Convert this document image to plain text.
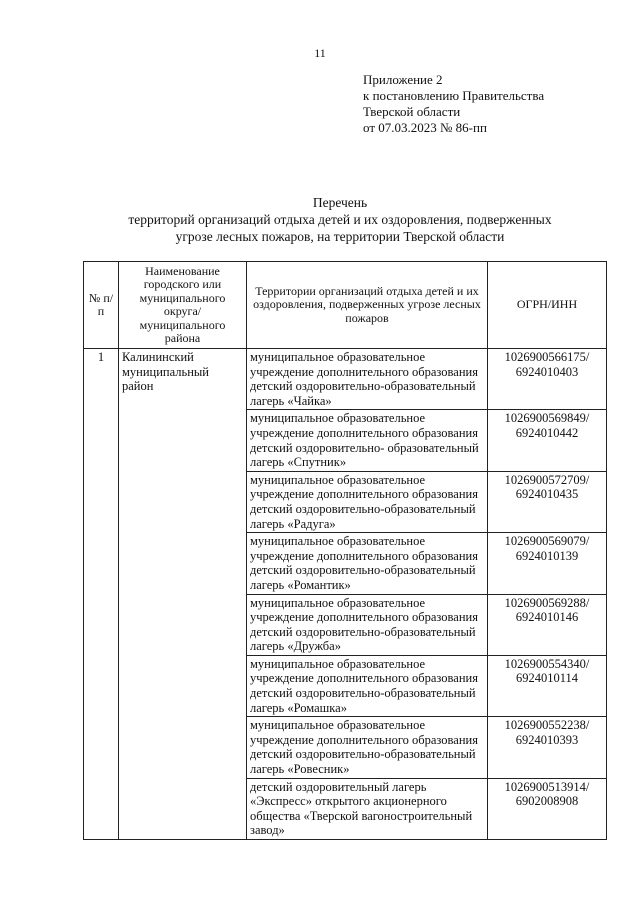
11
Приложение 2
к постановлению Правительства
Тверской области
от 07.03.2023 № 86-пп
Перечень
территорий организаций отдыха детей и их оздоровления, подверженных
угрозе лесных пожаров, на территории Тверской области
№ п/п	Наименование городского или муниципального округа/ муниципального района	Территории организаций отдыха детей и их оздоровления, подверженных угрозе лесных пожаров	ОГРН/ИНН
1	Калининский муниципальный район	муниципальное образовательное учреждение дополнительного образования детский оздоровительно-образовательный лагерь «Чайка»	1026900566175/ 6924010403
		муниципальное образовательное учреждение дополнительного образования детский оздоровительно- образовательный лагерь «Спутник»	1026900569849/ 6924010442
		муниципальное образовательное учреждение дополнительного образования детский оздоровительно-образовательный лагерь «Радуга»	1026900572709/ 6924010435
		муниципальное образовательное учреждение дополнительного образования детский оздоровительно-образовательный лагерь «Романтик»	1026900569079/ 6924010139
		муниципальное образовательное учреждение дополнительного образования детский оздоровительно-образовательный лагерь «Дружба»	1026900569288/ 6924010146
		муниципальное образовательное учреждение дополнительного образования детский оздоровительно-образовательный лагерь «Ромашка»	1026900554340/ 6924010114
		муниципальное образовательное учреждение дополнительного образования детский оздоровительно-образовательный лагерь «Ровесник»	1026900552238/ 6924010393
		детский оздоровительный лагерь «Экспресс» открытого акционерного общества «Тверской вагоностроительный завод»	1026900513914/ 6902008908
